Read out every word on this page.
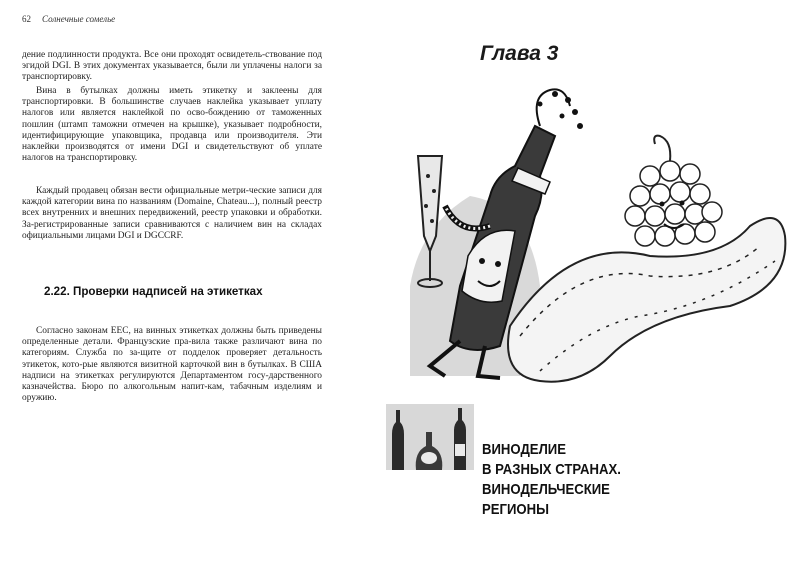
62 Солнечные сомелье

дение подлинности продукта. Все они проходят освидетель-ствование под эгидой DGI. В этих документах указывается, были ли уплачены налоги за транспортировку.

Вина в бутылках должны иметь этикетку и заклеены для транспортировки. В большинстве случаев наклейка указывает уплату налогов или является наклейкой по осво-бождению от таможенных пошлин (штамп таможни отмечен на крышке), указывает подробности, идентифицирующие упаковщика, продавца или производителя. Эти наклейки производятся от имени DGI и свидетельствуют об уплате налогов на транспортировку.

Каждый продавец обязан вести официальные метри-ческие записи для каждой категории вина по названиям (Domaine, Chateau...), полный реестр всех внутренних и внешних передвижений, реестр упаковки и обработки. За-регистрированные записи сравниваются с наличием вин на складах официальными лицами DGI и DGCCRF.

2.22. Проверки надписей на этикетках

Согласно законам ЕЕС, на винных этикетках должны быть приведены определенные детали. Французские пра-вила также различают вина по категориям. Служба по за-щите от подделок проверяет детальность этикеток, кото-рые являются визитной карточкой вин в бутылках. В США надписи на этикетках регулируются Департаментом госу-дарственного казначейства. Бюро по алкогольным напит-кам, табачным изделиям и оружию.

Глава 3
ВИНОДЕЛИЕ
В РАЗНЫХ СТРАНАХ.
ВИНОДЕЛЬЧЕСКИЕ
РЕГИОНЫ
